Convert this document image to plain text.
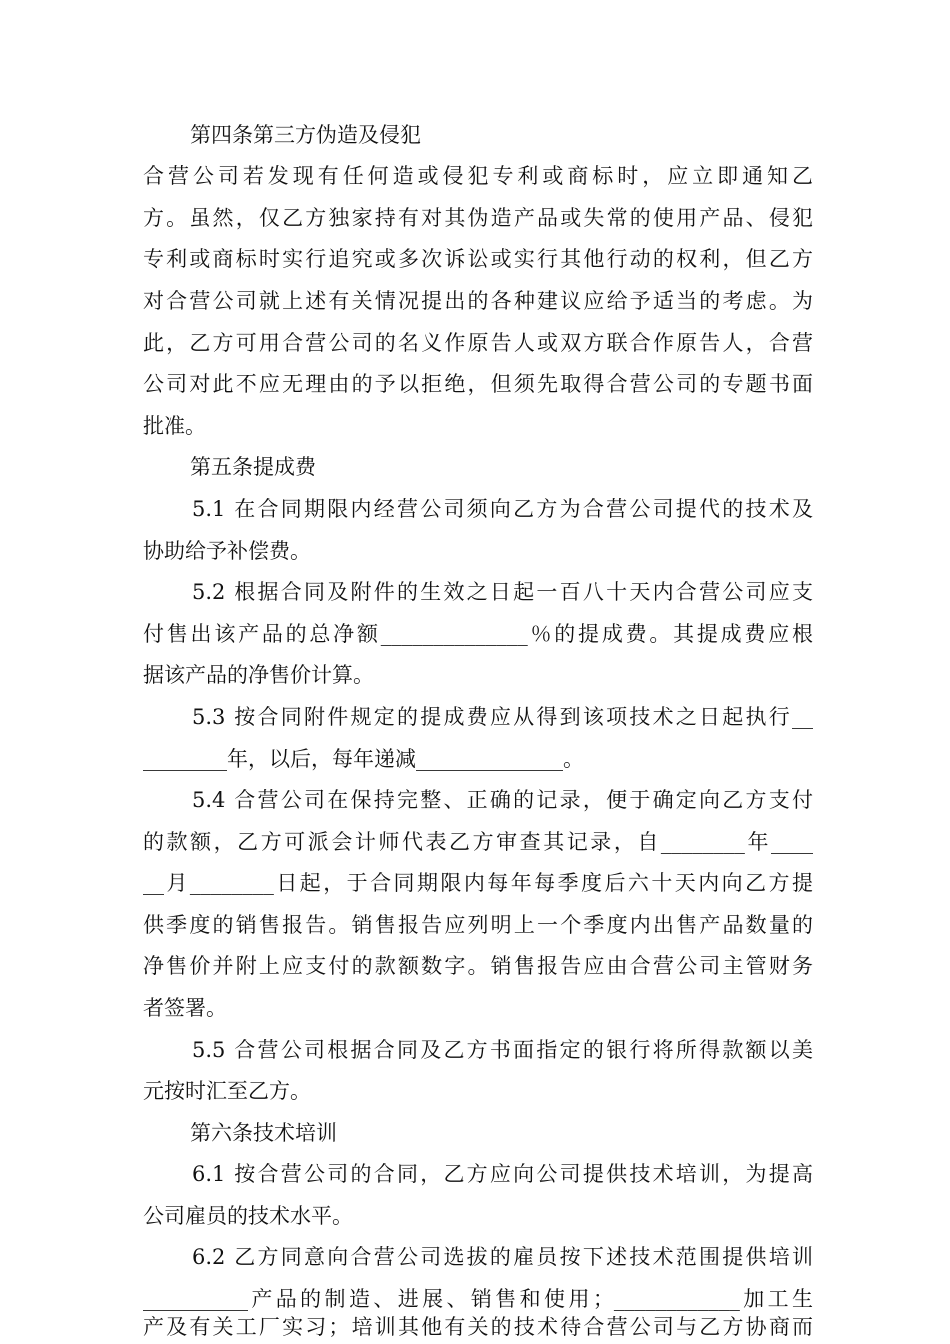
第四条第三方伪造及侵犯
合营公司若发现有任何造或侵犯专利或商标时，应立即通知乙
方。虽然，仅乙方独家持有对其伪造产品或失常的使用产品、侵犯
专利或商标时实行追究或多次诉讼或实行其他行动的权利，但乙方
对合营公司就上述有关情况提出的各种建议应给予适当的考虑。为
此，乙方可用合营公司的名义作原告人或双方联合作原告人，合营
公司对此不应无理由的予以拒绝，但须先取得合营公司的专题书面
批准。
第五条提成费
5.1 在合同期限内经营公司须向乙方为合营公司提代的技术及
协助给予补偿费。
5.2 根据合同及附件的生效之日起一百八十天内合营公司应支
付售出该产品的总净额______________％的提成费。其提成费应根
据该产品的净售价计算。
5.3 按合同附件规定的提成费应从得到该项技术之日起执行__
________年，以后，每年递减______________。
5.4 合营公司在保持完整、正确的记录，便于确定向乙方支付
的款额，乙方可派会计师代表乙方审查其记录，自________年____
__月________日起，于合同期限内每年每季度后六十天内向乙方提
供季度的销售报告。销售报告应列明上一个季度内出售产品数量的
净售价并附上应支付的款额数字。销售报告应由合营公司主管财务
者签署。
5.5 合营公司根据合同及乙方书面指定的银行将所得款额以美
元按时汇至乙方。
第六条技术培训
6.1 按合营公司的合同，乙方应向公司提供技术培训，为提高
公司雇员的技术水平。
6.2 乙方同意向合营公司选拔的雇员按下述技术范围提供培训
__________产品的制造、进展、销售和使用；____________加工生
产及有关工厂实习；培训其他有关的技术待合营公司与乙方协商而
